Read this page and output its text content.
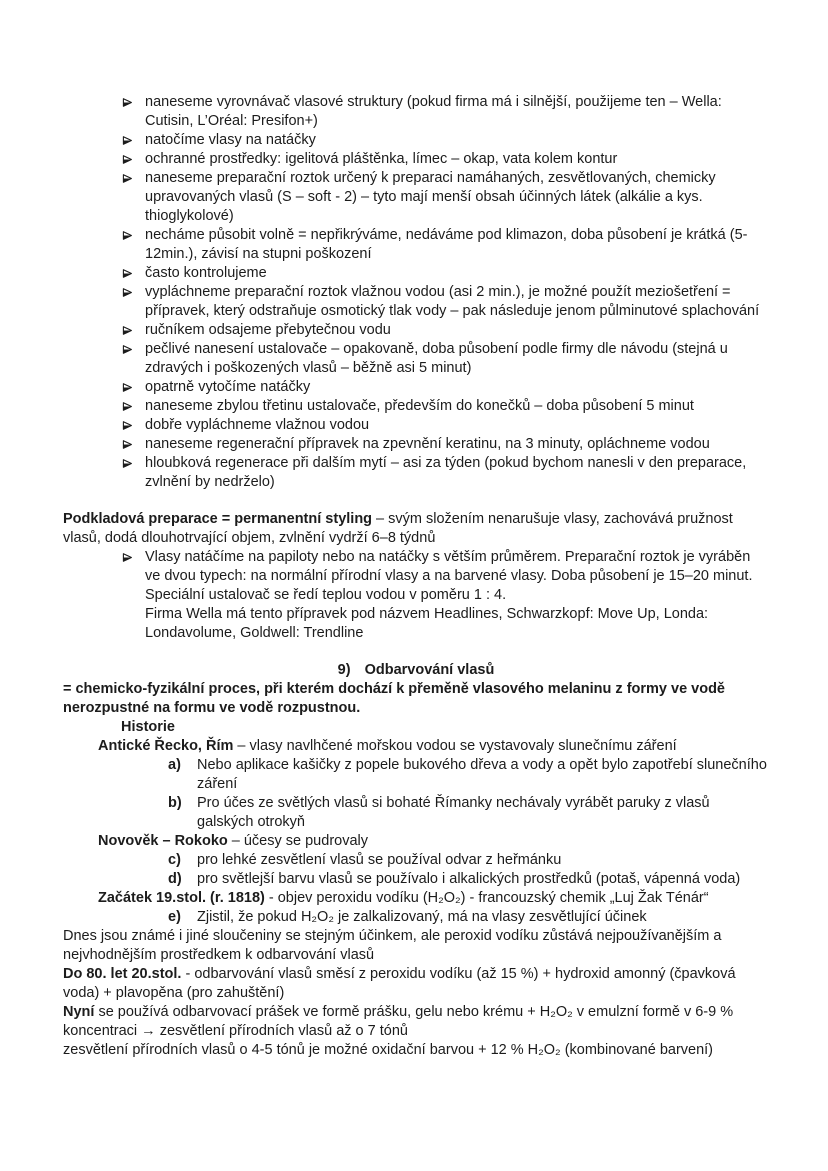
naneseme vyrovnávač vlasové struktury (pokud firma má i silnější, použijeme ten – Wella: Cutisin, L’Oréal: Presifon+)
natočíme vlasy na natáčky
ochranné prostředky: igelitová pláštěnka, límec – okap, vata kolem kontur
naneseme preparační roztok určený k preparaci namáhaných, zesvětlovaných, chemicky upravovaných vlasů (S – soft - 2) – tyto mají menší obsah účinných látek (alkálie a kys. thioglykolové)
necháme působit volně = nepřikrýváme, nedáváme pod klimazon, doba působení je krátká (5-12min.), závisí na stupni poškození
často kontrolujeme
vypláchneme preparační roztok vlažnou vodou (asi 2 min.), je možné použít meziošetření = přípravek, který odstraňuje osmotický tlak vody – pak následuje jenom půlminutové splachování
ručníkem odsajeme přebytečnou vodu
pečlivé nanesení ustalovače – opakovaně, doba působení podle firmy dle návodu (stejná u zdravých i poškozených vlasů – běžně asi 5 minut)
opatrně vytočíme natáčky
naneseme zbylou třetinu ustalovače, především do konečků – doba působení 5 minut
dobře vypláchneme vlažnou vodou
naneseme regenerační přípravek na zpevnění keratinu, na 3 minuty, opláchneme vodou
hloubková regenerace při dalším mytí – asi za týden (pokud bychom nanesli v den preparace, zvlnění by nedrželo)
Podkladová preparace = permanentní styling – svým složením nenarušuje vlasy, zachovává pružnost vlasů, dodá dlouhotrvající objem, zvlnění vydrží 6–8 týdnů
Vlasy natáčíme na papiloty nebo na natáčky s větším průměrem. Preparační roztok je vyráběn ve dvou typech: na normální přírodní vlasy a na barvené vlasy. Doba působení je 15–20 minut. Speciální ustalovač se ředí teplou vodou v poměru 1 : 4.
Firma Wella má tento přípravek pod názvem Headlines, Schwarzkopf: Move Up, Londa: Londavolume, Goldwell: Trendline
9) Odbarvování vlasů
= chemicko-fyzikální proces, při kterém dochází k přeměně vlasového melaninu z formy ve vodě nerozpustné na formu ve vodě rozpustnou.
Historie
Antické Řecko, Řím – vlasy navlhčené mořskou vodou se vystavovaly slunečnímu záření
a) Nebo aplikace kašičky z popele bukového dřeva a vody a opět bylo zapotřebí slunečního záření
b) Pro účes ze světlých vlasů si bohaté Římanky nechávaly vyrábět paruky z vlasů galských otrokyň
Novověk – Rokoko – účesy se pudrovaly
c) pro lehké zesvětlení vlasů se používal odvar z heřmánku
d) pro světlejší barvu vlasů se používalo i alkalických prostředků (potaš, vápenná voda)
Začátek 19.stol. (r. 1818) - objev peroxidu vodíku (H₂O₂) - francouzský chemik „Luj Žak Ténár“
e) Zjistil, že pokud H₂O₂ je zalkalizovaný, má na vlasy zesvětlující účinek
Dnes jsou známé i jiné sloučeniny se stejným účinkem, ale peroxid vodíku zůstává nejpoužívanějším a nejvhodnějším prostředkem k odbarvování vlasů
Do 80. let 20.stol. - odbarvování vlasů směsí z peroxidu vodíku (až 15 %) + hydroxid amonný (čpavková voda) + plavopěna (pro zahuštění)
Nyní se používá odbarvovací prášek ve formě prášku, gelu nebo krému + H₂O₂ v emulzní formě v 6-9 % koncentraci → zesvětlení přírodních vlasů až o 7 tónů
zesvětlení přírodních vlasů o 4-5 tónů je možné oxidační barvou + 12 % H₂O₂ (kombinované barvení)
